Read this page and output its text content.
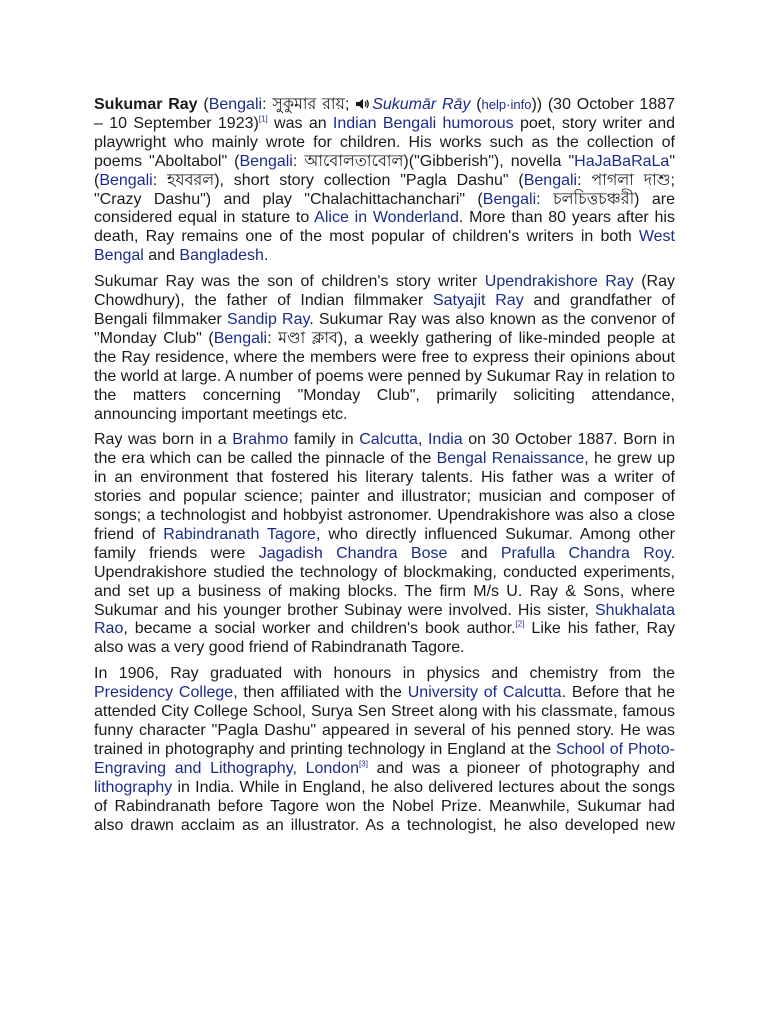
Sukumar Ray (Bengali: সুকুমার রায়; Sukumār Rāy (help·info)) (30 October 1887 – 10 September 1923)[1] was an Indian Bengali humorous poet, story writer and playwright who mainly wrote for children. His works such as the collection of poems "Aboltabol" (Bengali: আবোলতাবোল)("Gibberish"), novella "HaJaBaRaLa" (Bengali: হযবরল), short story collection "Pagla Dashu" (Bengali: পাগলা দাশু; "Crazy Dashu") and play "Chalachittachanchari" (Bengali: চলচিত্তচঞ্চরী) are considered equal in stature to Alice in Wonderland. More than 80 years after his death, Ray remains one of the most popular of children's writers in both West Bengal and Bangladesh.

Sukumar Ray was the son of children's story writer Upendrakishore Ray (Ray Chowdhury), the father of Indian filmmaker Satyajit Ray and grandfather of Bengali filmmaker Sandip Ray. Sukumar Ray was also known as the convenor of "Monday Club" (Bengali: মণ্ডা ক্লাব), a weekly gathering of like-minded people at the Ray residence, where the members were free to express their opinions about the world at large. A number of poems were penned by Sukumar Ray in relation to the matters concerning "Monday Club", primarily soliciting attendance, announcing important meetings etc.

Ray was born in a Brahmo family in Calcutta, India on 30 October 1887. Born in the era which can be called the pinnacle of the Bengal Renaissance, he grew up in an environment that fostered his literary talents. His father was a writer of stories and popular science; painter and illustrator; musician and composer of songs; a technologist and hobbyist astronomer. Upendrakishore was also a close friend of Rabindranath Tagore, who directly influenced Sukumar. Among other family friends were Jagadish Chandra Bose and Prafulla Chandra Roy. Upendrakishore studied the technology of blockmaking, conducted experiments, and set up a business of making blocks. The firm M/s U. Ray & Sons, where Sukumar and his younger brother Subinay were involved. His sister, Shukhalata Rao, became a social worker and children's book author.[2] Like his father, Ray also was a very good friend of Rabindranath Tagore.

In 1906, Ray graduated with honours in physics and chemistry from the Presidency College, then affiliated with the University of Calcutta. Before that he attended City College School, Surya Sen Street along with his classmate, famous funny character "Pagla Dashu" appeared in several of his penned story. He was trained in photography and printing technology in England at the School of Photo-Engraving and Lithography, London[3] and was a pioneer of photography and lithography in India. While in England, he also delivered lectures about the songs of Rabindranath before Tagore won the Nobel Prize. Meanwhile, Sukumar had also drawn acclaim as an illustrator. As a technologist, he also developed new
